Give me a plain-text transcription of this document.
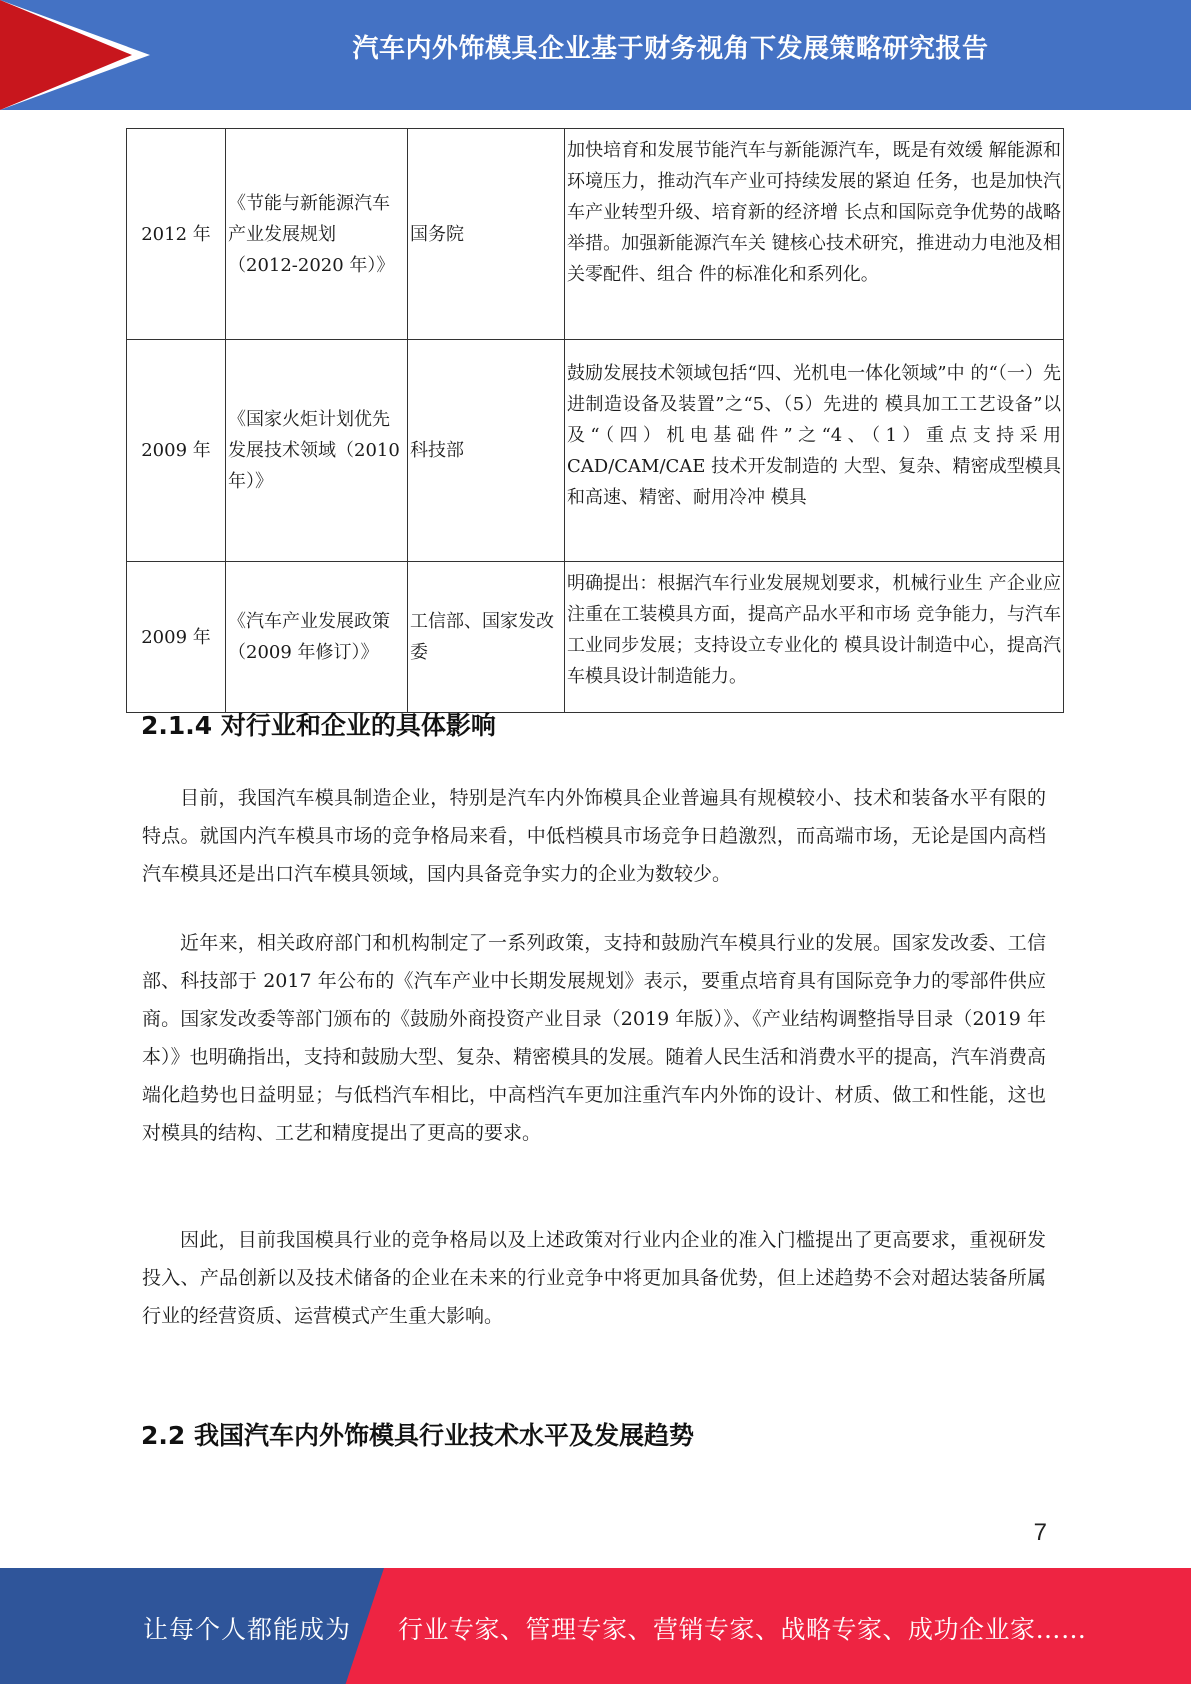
汽车内外饰模具企业基于财务视角下发展策略研究报告
2012 年	《节能与新能源汽车产业发展规划（2012-2020 年）》	国务院	加快培育和发展节能汽车与新能源汽车，既是有效缓 解能源和环境压力，推动汽车产业可持续发展的紧迫 任务，也是加快汽车产业转型升级、培育新的经济增 长点和国际竞争优势的战略举措。加强新能源汽车关 键核心技术研究，推进动力电池及相关零配件、组合 件的标准化和系列化。
2009 年	《国家火炬计划优先发展技术领域（2010 年）》	科技部	鼓励发展技术领域包括“四、光机电一体化领域”中 的“（一）先进制造设备及装置”之“5、（5）先进的 模具加工工艺设备”以及“（四）机电基础件”之“4、（1）重点支持采用 CAD/CAM/CAE 技术开发制造的 大型、复杂、精密成型模具和高速、精密、耐用冷冲 模具
2009 年	《汽车产业发展政策（2009 年修订）》	工信部、国家发改委	明确提出：根据汽车行业发展规划要求，机械行业生 产企业应注重在工装模具方面，提高产品水平和市场 竞争能力，与汽车工业同步发展；支持设立专业化的 模具设计制造中心，提高汽车模具设计制造能力。
2.1.4 对行业和企业的具体影响

目前，我国汽车模具制造企业，特别是汽车内外饰模具企业普遍具有规模较小、技术和装备水平有限的特点。就国内汽车模具市场的竞争格局来看，中低档模具市场竞争日趋激烈，而高端市场，无论是国内高档汽车模具还是出口汽车模具领域，国内具备竞争实力的企业为数较少。

近年来，相关政府部门和机构制定了一系列政策，支持和鼓励汽车模具行业的发展。国家发改委、工信部、科技部于 2017 年公布的《汽车产业中长期发展规划》表示，要重点培育具有国际竞争力的零部件供应商。国家发改委等部门颁布的《鼓励外商投资产业目录（2019 年版）》、《产业结构调整指导目录（2019 年本）》也明确指出，支持和鼓励大型、复杂、精密模具的发展。随着人民生活和消费水平的提高，汽车消费高端化趋势也日益明显；与低档汽车相比，中高档汽车更加注重汽车内外饰的设计、材质、做工和性能，这也对模具的结构、工艺和精度提出了更高的要求。

因此，目前我国模具行业的竞争格局以及上述政策对行业内企业的准入门槛提出了更高要求，重视研发投入、产品创新以及技术储备的企业在未来的行业竞争中将更加具备优势，但上述趋势不会对超达装备所属行业的经营资质、运营模式产生重大影响。

2.2 我国汽车内外饰模具行业技术水平及发展趋势
7
让每个人都能成为 行业专家、管理专家、营销专家、战略专家、成功企业家……
